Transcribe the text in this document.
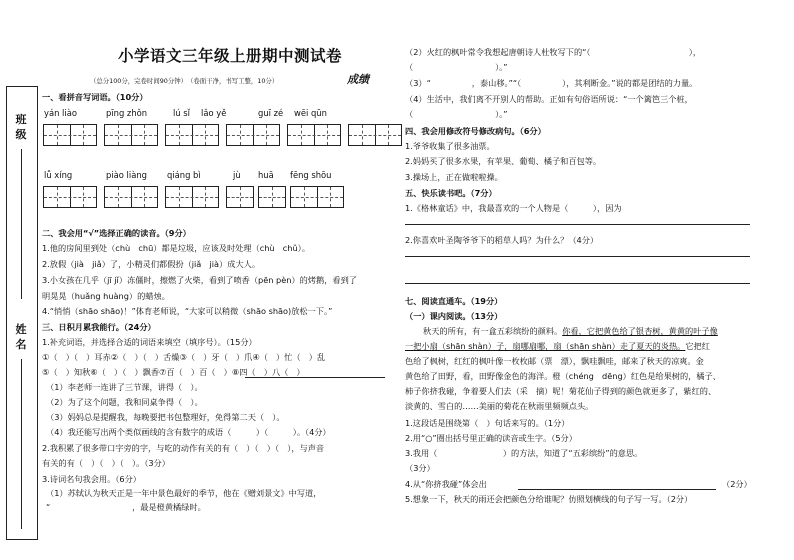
小学语文三年级上册期中测试卷
（总分100分，完卷时间90分钟）　（卷面干净，书写工整，10分）	成绩
班级
姓名
一、看拼音写词语。（10分）
yán liào	pīng zhǒn	lú sǐ lǎo yě	guī zé wēi qūn
lǚ xíng	piào liàng qiáng bì	jù huā fēng shōu
二、我会用“√”选择正确的读音。（9分）
1.他的房间里到处（chù　chū）都是垃圾，应该及时处理（chù　chǔ）。
2.放假（jià　jiǎ）了，小精灵们都假扮（jiǎ　jià）成大人。
3.小女孩在几乎（jī jǐ）冻僵时，擦燃了火柴，看到了喷香（pēn pèn）的烤鹅，看到了
明晃晃（huǎng huàng）的蜡烛。
4.“悄悄（shāo shāo)！”体育老师说，“大家可以稍微（shāo shāo)放松一下。”
三、日积月累我能行。（24分）
1.补充词语，并选择合适的词语来填空（填序号）。（15分）
①（　）（　）耳赤②（　）（　）舌燥③（　）牙（　）爪④（　）忙（　）乱
⑤（　）知秋⑥（　）（　）飘香⑦百（　）百（　）⑧四（　）八（　）
（1）李老师一连讲了三节课，讲得（　）。
（2）为了这个问题，我和同桌争得（　）。
（3）妈妈总是提醒我，每晚要把书包整理好，免得第二天（　）。
（4）我还能写出两个类似画线的含有数字的成语（　　　）（　　　）。（4分）
2.我积累了很多带口字旁的字，与吃的动作有关的有（　）（　）（　），与声音
有关的有（　）（　）（　）。（3分）
3.诗词名句我会用。（6分）
（1）苏轼认为秋天正是一年中景色最好的季节，他在《赠刘景文》中写道，
“　　　　　　　　　　，最是橙黄橘绿时。
（2）火红的枫叶常令我想起唐朝诗人杜牧写下的“（　　　　　　　　　　　　），
（　　　　　　　　　　）。”
（3）“　　　　　，泰山移。”“（　　　　　），其利断金。”说的都是团结的力量。
（4）生活中，我们离不开别人的帮助。正如有句俗语所说：“一个篱笆三个桩，
（　　　　　　　　　　）。”
四、我会用修改符号修改病句。（6分）
1.爷爷收集了很多油票。
2.妈妈买了很多水果，有苹果、葡萄、橘子和百包等。
3.操场上，正在做啦啦操。
五、快乐读书吧。（7分）
1.《格林童话》中，我最喜欢的一个人物是（　　　），因为
2.你喜欢叶圣陶爷爷下的稻草人吗？为什么？（4分）
七、阅读直通车。（19分）
（一）课内阅读。（13分）
秋天的所有，有一盒五彩缤纷的颜料。你看，它把黄色给了银杏树，黄黄的叶子像
一把小扇（shān shàn）子，扇哪扇哪，扇（shān shàn）走了夏天的炎热。它把红
色给了枫树，红红的枫叶像一枚枚邮（票　漂），飘哇飘哇，邮来了秋天的凉爽。金
黄色给了田野，看，田野像金色的海洋。橙（chéng　dēng）红色是给果树的，橘子、
柿子你挤我碰，争着要人们去（采　摘）呢！菊花仙子得到的颜色就更多了，紫红的、
淡黄的、雪白的……美丽的菊花在秋雨里频频点头。
1.这段话是围绕第（　）句话来写的。（1分）
2.用“○”圈出括号里正确的读音或生字。（5分）
3.我用（　　　　　　　　）的方法，知道了“五彩缤纷”的意思。
（3分）
4.从“你挤我碰”体会出	（2分）
5.想象一下，秋天的雨还会把颜色分给谁呢？仿照划横线的句子写一写。（2分）
